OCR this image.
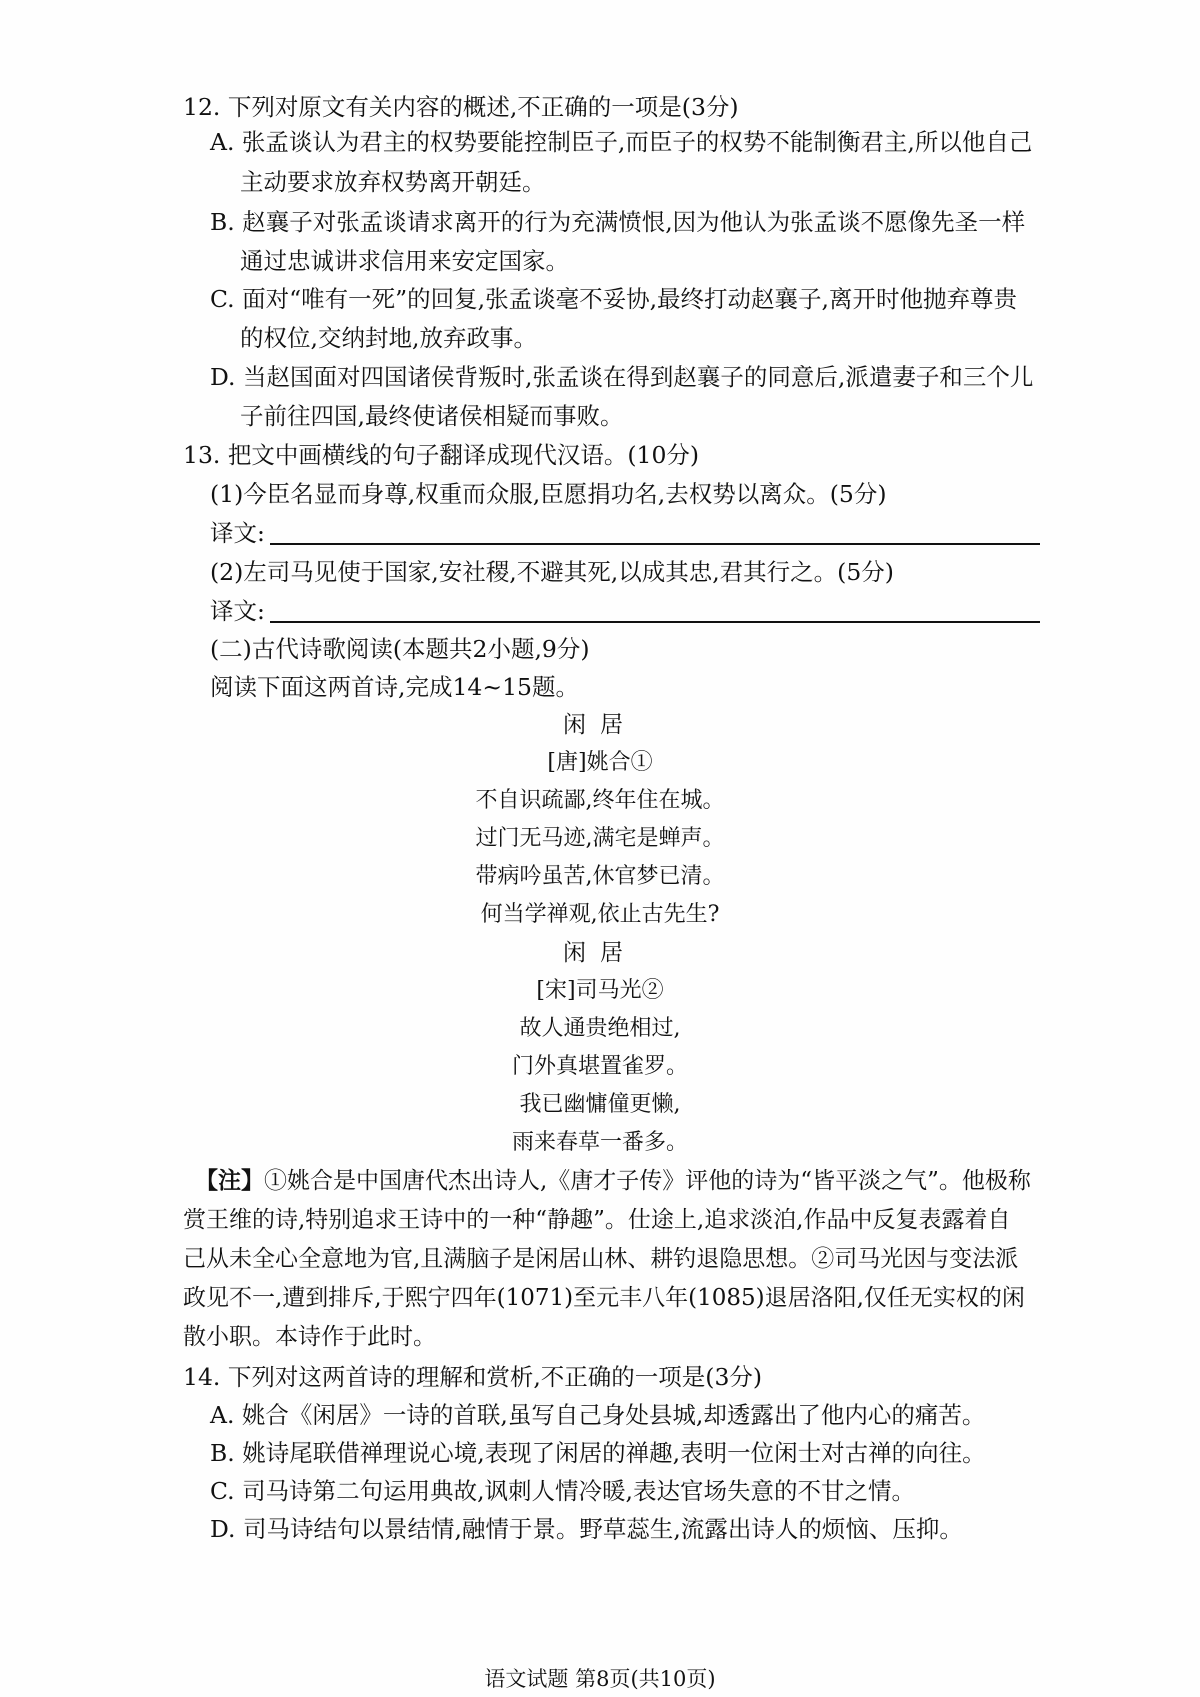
12. 下列对原文有关内容的概述,不正确的一项是(3分)
A. 张孟谈认为君主的权势要能控制臣子,而臣子的权势不能制衡君主,所以他自己
主动要求放弃权势离开朝廷。
B. 赵襄子对张孟谈请求离开的行为充满愤恨,因为他认为张孟谈不愿像先圣一样
通过忠诚讲求信用来安定国家。
C. 面对“唯有一死”的回复,张孟谈毫不妥协,最终打动赵襄子,离开时他抛弃尊贵
的权位,交纳封地,放弃政事。
D. 当赵国面对四国诸侯背叛时,张孟谈在得到赵襄子的同意后,派遣妻子和三个儿
子前往四国,最终使诸侯相疑而事败。
13. 把文中画横线的句子翻译成现代汉语。(10分)
(1)今臣名显而身尊,权重而众服,臣愿捐功名,去权势以离众。(5分)
译文:
(2)左司马见使于国家,安社稷,不避其死,以成其忠,君其行之。(5分)
译文:
(二)古代诗歌阅读(本题共2小题,9分)
阅读下面这两首诗,完成14~15题。
闲居
[唐]姚合①
不自识疏鄙,终年住在城。
过门无马迹,满宅是蝉声。
带病吟虽苦,休官梦已清。
何当学禅观,依止古先生?
闲居
[宋]司马光②
故人通贵绝相过,
门外真堪置雀罗。
我已幽慵僮更懒,
雨来春草一番多。
【注】①姚合是中国唐代杰出诗人,《唐才子传》评他的诗为“皆平淡之气”。他极称
赏王维的诗,特别追求王诗中的一种“静趣”。仕途上,追求淡泊,作品中反复表露着自
己从未全心全意地为官,且满脑子是闲居山林、耕钓退隐思想。②司马光因与变法派
政见不一,遭到排斥,于熙宁四年(1071)至元丰八年(1085)退居洛阳,仅任无实权的闲
散小职。本诗作于此时。
14. 下列对这两首诗的理解和赏析,不正确的一项是(3分)
A. 姚合《闲居》一诗的首联,虽写自己身处县城,却透露出了他内心的痛苦。
B. 姚诗尾联借禅理说心境,表现了闲居的禅趣,表明一位闲士对古禅的向往。
C. 司马诗第二句运用典故,讽刺人情冷暖,表达官场失意的不甘之情。
D. 司马诗结句以景结情,融情于景。野草蕊生,流露出诗人的烦恼、压抑。
语文试题 第8页(共10页)
